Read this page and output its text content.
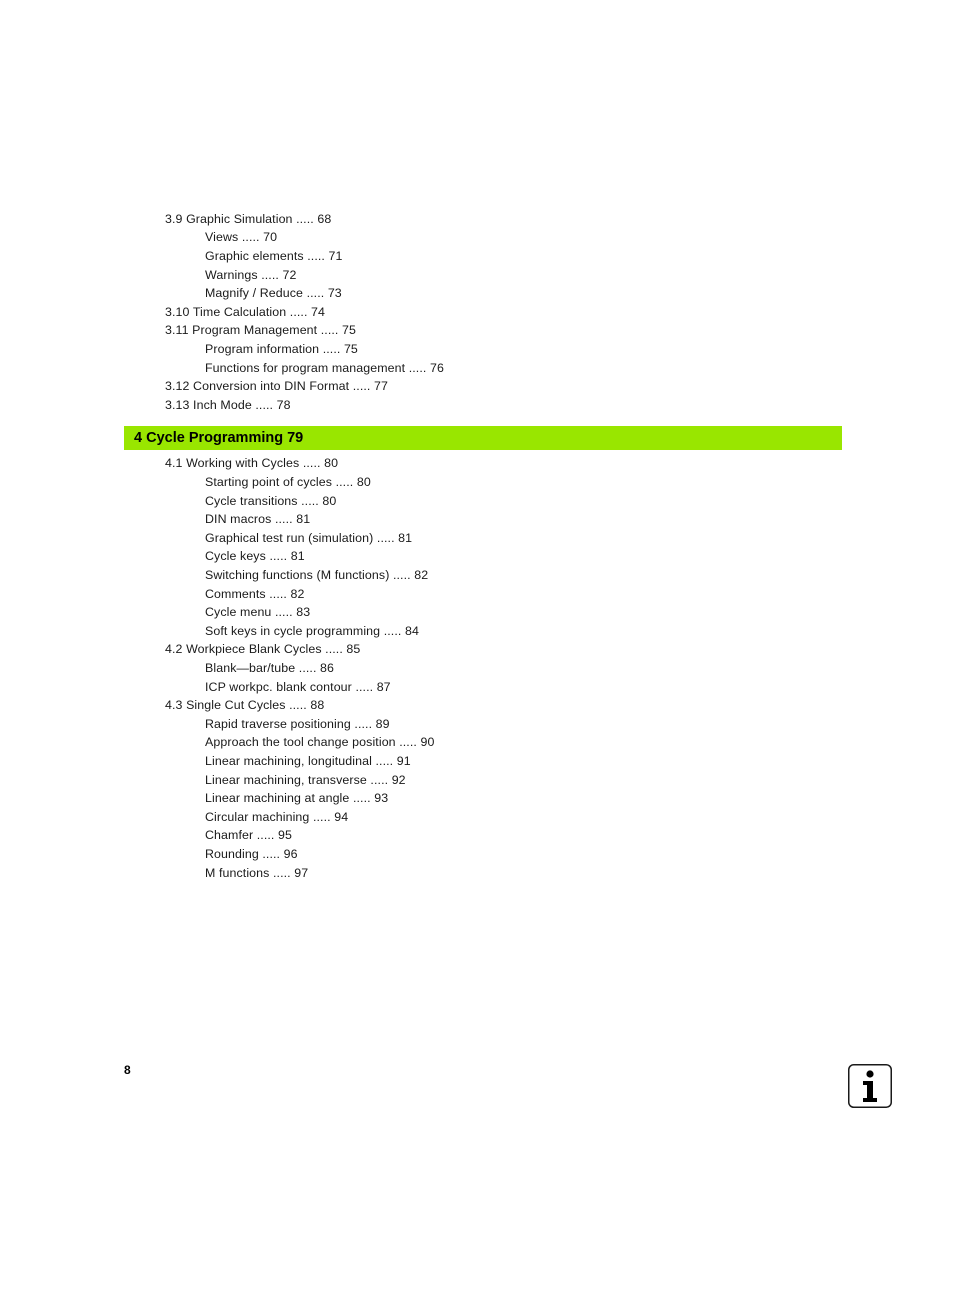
3.9 Graphic Simulation ..... 68
Views ..... 70
Graphic elements ..... 71
Warnings ..... 72
Magnify / Reduce ..... 73
3.10 Time Calculation ..... 74
3.11 Program Management ..... 75
Program information ..... 75
Functions for program management ..... 76
3.12 Conversion into DIN Format ..... 77
3.13 Inch Mode ..... 78
4 Cycle Programming 79
4.1 Working with Cycles ..... 80
Starting point of cycles ..... 80
Cycle transitions ..... 80
DIN macros ..... 81
Graphical test run (simulation) ..... 81
Cycle keys ..... 81
Switching functions (M functions) ..... 82
Comments ..... 82
Cycle menu ..... 83
Soft keys in cycle programming ..... 84
4.2 Workpiece Blank Cycles ..... 85
Blank—bar/tube ..... 86
ICP workpc. blank contour ..... 87
4.3 Single Cut Cycles ..... 88
Rapid traverse positioning ..... 89
Approach the tool change position ..... 90
Linear machining, longitudinal ..... 91
Linear machining, transverse ..... 92
Linear machining at angle ..... 93
Circular machining ..... 94
Chamfer ..... 95
Rounding ..... 96
M functions ..... 97
8
